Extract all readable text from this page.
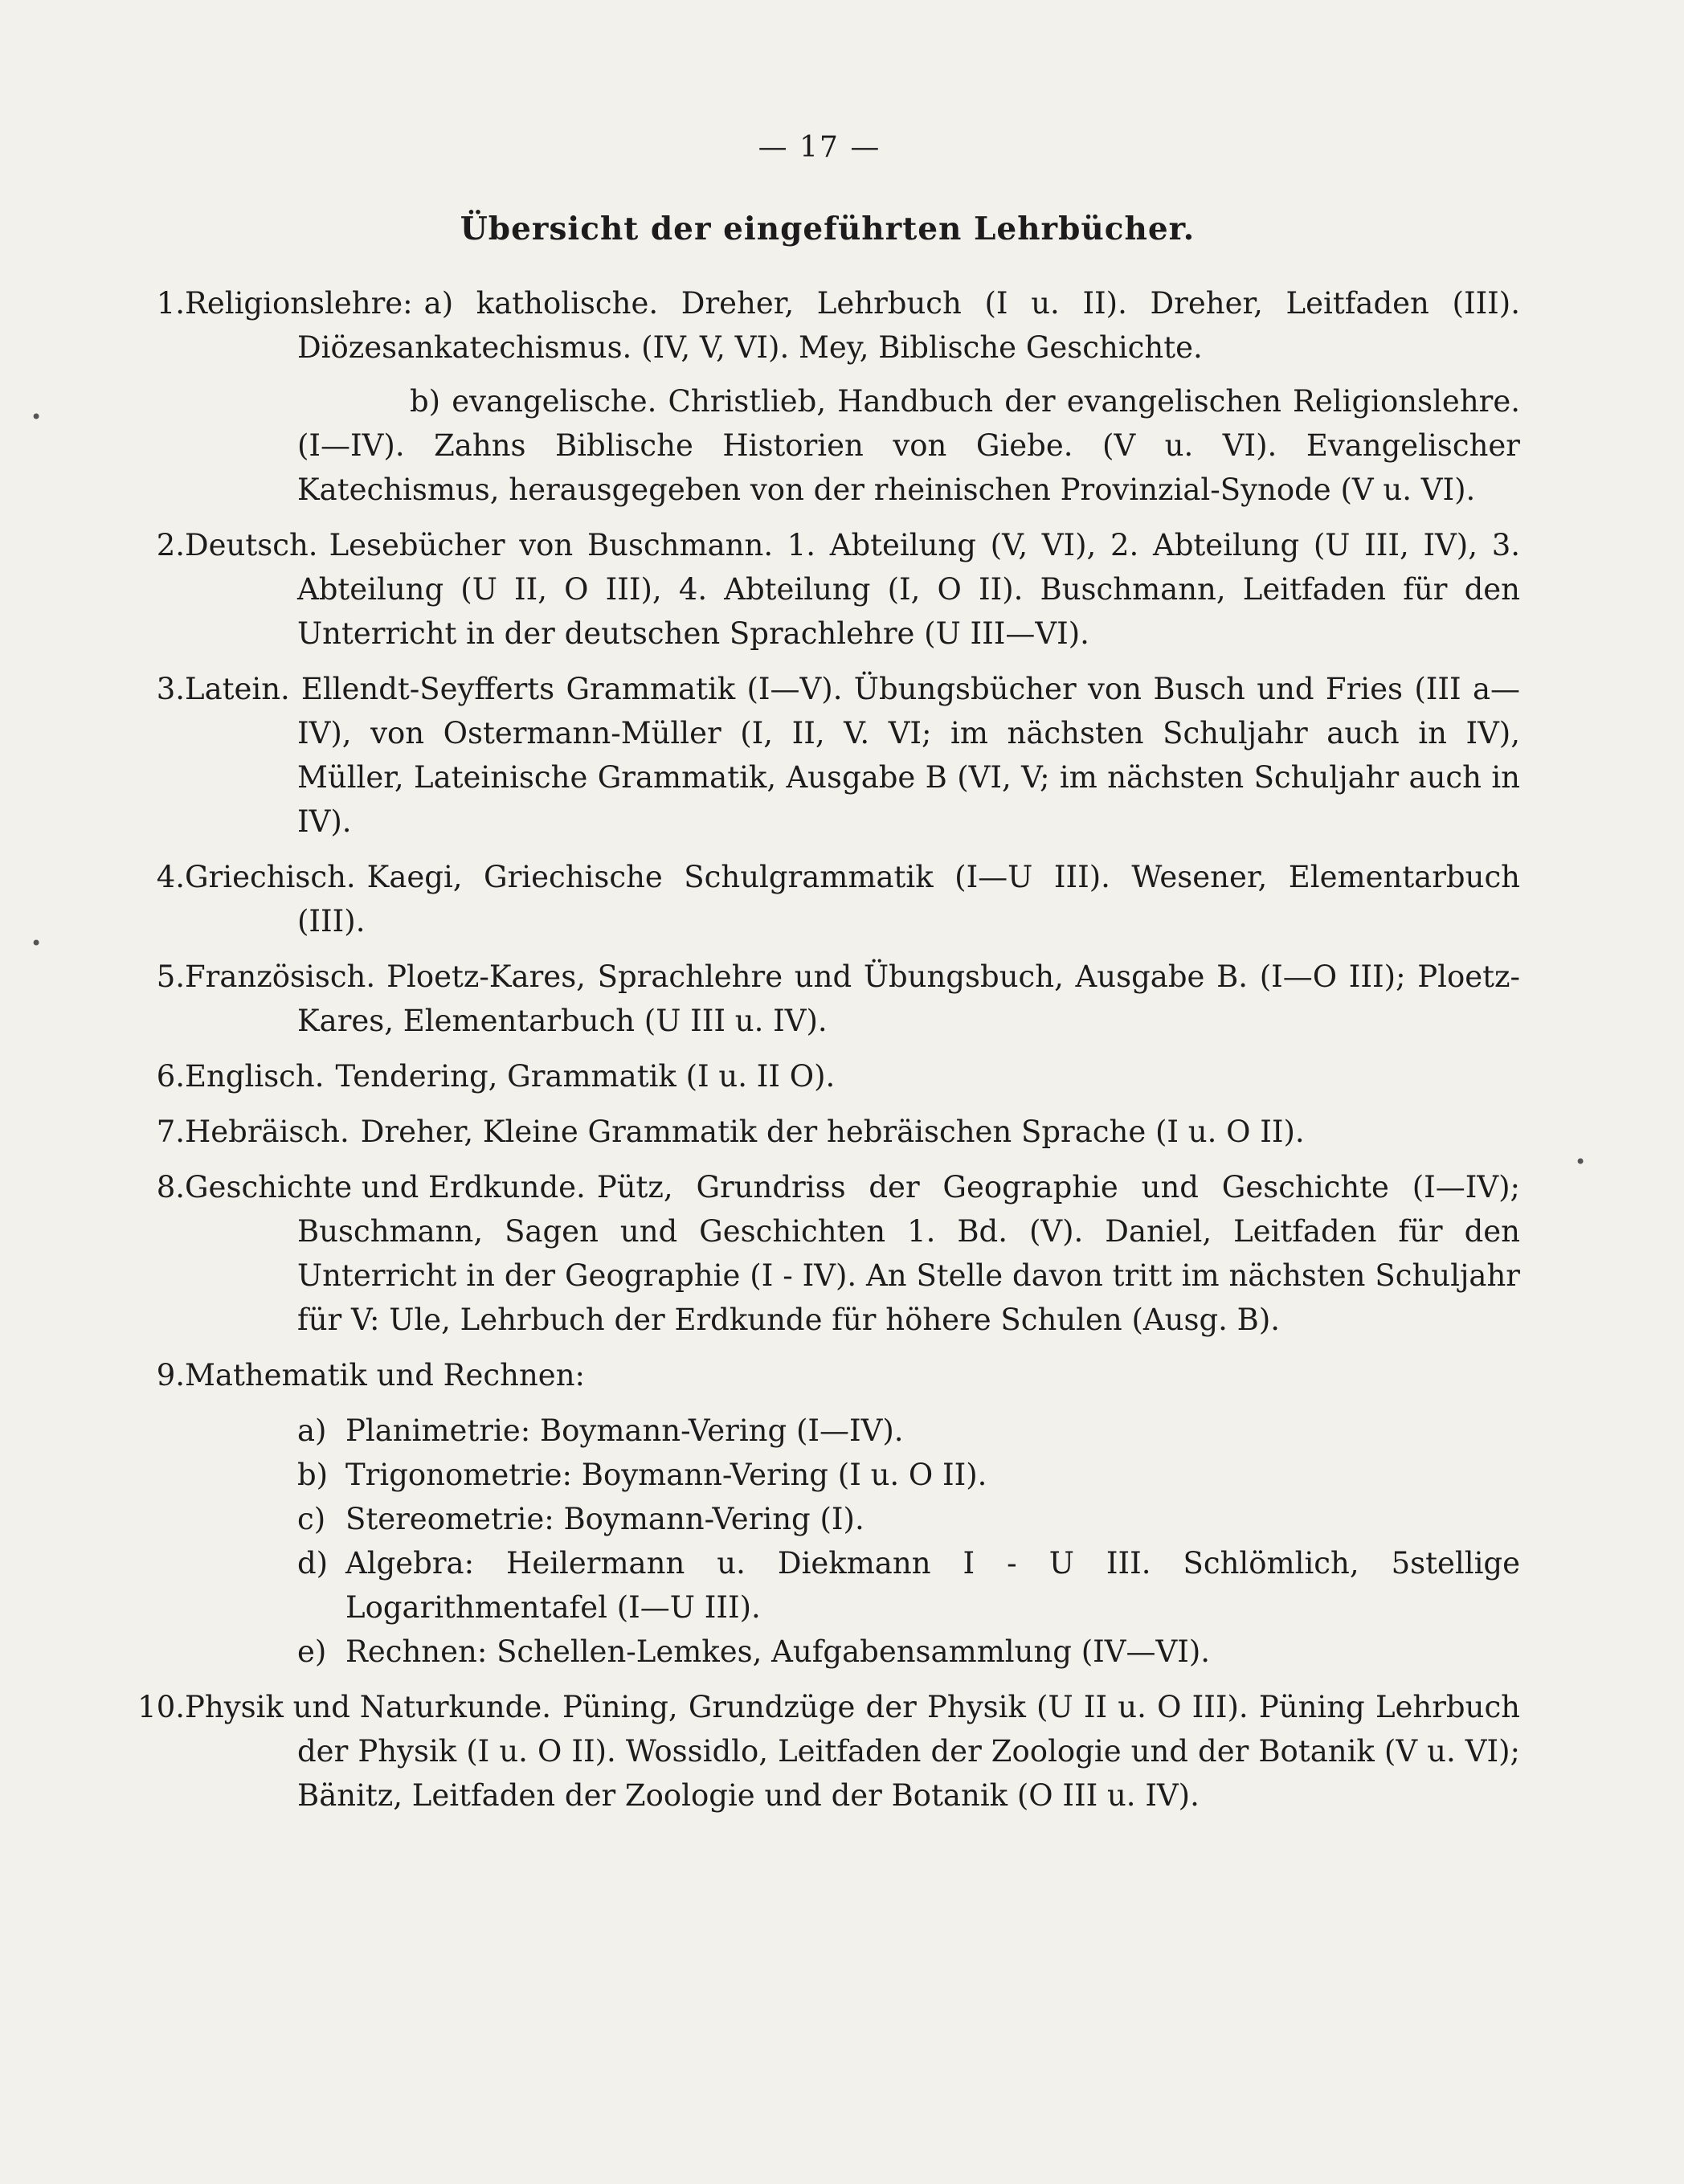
•
•
•
— 17 —
Übersicht der eingeführten Lehrbücher.
1. Religionslehre: a) katholische. Dreher, Lehrbuch (I u. II). Dreher, Leitfaden (III). Diözesankatechismus. (IV, V, VI). Mey, Biblische Geschichte.
b) evangelische. Christlieb, Handbuch der evangelischen Religionslehre. (I—IV). Zahns Biblische Historien von Giebe. (V u. VI). Evangelischer Katechismus, herausgegeben von der rheinischen Provinzial-Synode (V u. VI).
2. Deutsch. Lesebücher von Buschmann. 1. Abteilung (V, VI), 2. Abteilung (U III, IV), 3. Abteilung (U II, O III), 4. Abteilung (I, O II). Buschmann, Leitfaden für den Unterricht in der deutschen Sprachlehre (U III—VI).
3. Latein. Ellendt-Seyfferts Grammatik (I—V). Übungsbücher von Busch und Fries (III a—IV), von Ostermann-Müller (I, II, V. VI; im nächsten Schuljahr auch in IV), Müller, Lateinische Grammatik, Ausgabe B (VI, V; im nächsten Schuljahr auch in IV).
4. Griechisch. Kaegi, Griechische Schulgrammatik (I—U III). Wesener, Elementarbuch (III).
5. Französisch. Ploetz-Kares, Sprachlehre und Übungsbuch, Ausgabe B. (I—O III); Ploetz-Kares, Elementarbuch (U III u. IV).
6. Englisch. Tendering, Grammatik (I u. II O).
7. Hebräisch. Dreher, Kleine Grammatik der hebräischen Sprache (I u. O II).
8. Geschichte und Erdkunde. Pütz, Grundriss der Geographie und Geschichte (I—IV); Buschmann, Sagen und Geschichten 1. Bd. (V). Daniel, Leitfaden für den Unterricht in der Geographie (I - IV). An Stelle davon tritt im nächsten Schuljahr für V: Ule, Lehrbuch der Erdkunde für höhere Schulen (Ausg. B).
9. Mathematik und Rechnen:
a) Planimetrie: Boymann-Vering (I—IV).
b) Trigonometrie: Boymann-Vering (I u. O II).
c) Stereometrie: Boymann-Vering (I).
d) Algebra: Heilermann u. Diekmann I - U III. Schlömlich, 5stellige Logarithmentafel (I—U III).
e) Rechnen: Schellen-Lemkes, Aufgabensammlung (IV—VI).
10. Physik und Naturkunde. Püning, Grundzüge der Physik (U II u. O III). Püning Lehrbuch der Physik (I u. O II). Wossidlo, Leitfaden der Zoologie und der Botanik (V u. VI); Bänitz, Leitfaden der Zoologie und der Botanik (O III u. IV).
